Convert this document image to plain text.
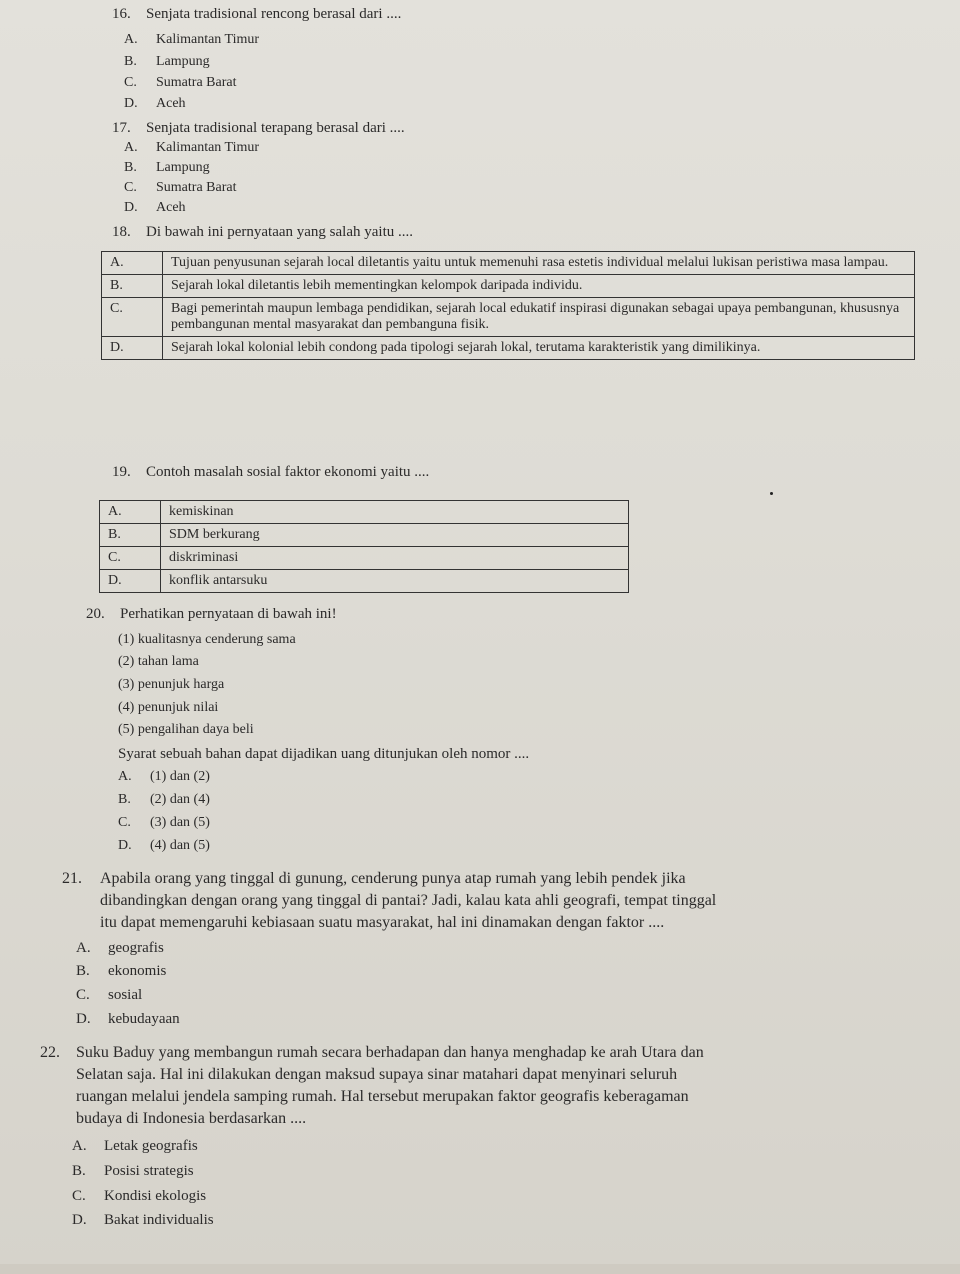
16. Senjata tradisional rencong berasal dari ....
A. Kalimantan Timur
B. Lampung
C. Sumatra Barat
D. Aceh
17. Senjata tradisional terapang berasal dari ....
A. Kalimantan Timur
B. Lampung
C. Sumatra Barat
D. Aceh
18. Di bawah ini pernyataan yang salah yaitu ....
A.	Tujuan penyusunan sejarah local diletantis yaitu untuk memenuhi rasa estetis individual melalui lukisan peristiwa masa lampau.
B.	Sejarah lokal diletantis lebih mementingkan kelompok daripada individu.
C.	Bagi pemerintah maupun lembaga pendidikan, sejarah local edukatif inspirasi digunakan sebagai upaya pembangunan, khususnya pembangunan mental masyarakat dan pembanguna fisik.
D.	Sejarah lokal kolonial lebih condong pada tipologi sejarah lokal, terutama karakteristik yang dimilikinya.
19. Contoh masalah sosial faktor ekonomi yaitu ....
A.	kemiskinan
B.	SDM berkurang
C.	diskriminasi
D.	konflik antarsuku
20. Perhatikan pernyataan di bawah ini!
(1) kualitasnya cenderung sama
(2) tahan lama
(3) penunjuk harga
(4) penunjuk nilai
(5) pengalihan daya beli
Syarat sebuah bahan dapat dijadikan uang ditunjukan oleh nomor ....
A. (1) dan (2)
B. (2) dan (4)
C. (3) dan (5)
D. (4) dan (5)
21. Apabila orang yang tinggal di gunung, cenderung punya atap rumah yang lebih pendek jika

dibandingkan dengan orang yang tinggal di pantai? Jadi, kalau kata ahli geografi, tempat tinggal

itu dapat memengaruhi kebiasaan suatu masyarakat, hal ini dinamakan dengan faktor ....

A. geografis
B. ekonomis
C. sosial
D. kebudayaan
22. Suku Baduy yang membangun rumah secara berhadapan dan hanya menghadap ke arah Utara dan

Selatan saja. Hal ini dilakukan dengan maksud supaya sinar matahari dapat menyinari seluruh

ruangan melalui jendela samping rumah. Hal tersebut merupakan faktor geografis keberagaman

budaya di Indonesia berdasarkan ....

A. Letak geografis
B. Posisi strategis
C. Kondisi ekologis
D. Bakat individualis
